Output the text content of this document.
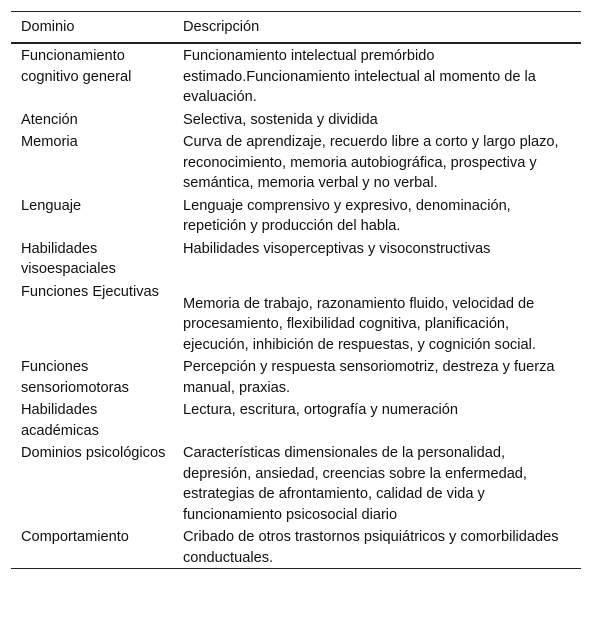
Dominio	Descripción
Funcionamiento cognitivo general	Funcionamiento intelectual premórbido estimado.Funcionamiento intelectual al momento de la evaluación.
Atención	Selectiva, sostenida y dividida
Memoria	Curva de aprendizaje, recuerdo libre a corto y largo plazo, reconocimiento, memoria autobiográfica, prospectiva y semántica, memoria verbal y no verbal.
Lenguaje	Lenguaje comprensivo y expresivo, denominación, repetición y producción del habla.
Habilidades visoespaciales	Habilidades visoperceptivas y visoconstructivas
Funciones Ejecutivas	Memoria de trabajo, razonamiento fluido, velocidad de procesamiento, flexibilidad cognitiva, planificación, ejecución, inhibición de respuestas, y cognición social.
Funciones sensoriomotoras	Percepción y respuesta sensoriomotriz, destreza y fuerza manual, praxias.
Habilidades académicas	Lectura, escritura, ortografía y numeración
Dominios psicológicos	Características dimensionales de la personalidad, depresión, ansiedad, creencias sobre la enfermedad, estrategias de afrontamiento, calidad de vida y funcionamiento psicosocial diario
Comportamiento	Cribado de otros trastornos psiquiátricos y comorbilidades conductuales.
